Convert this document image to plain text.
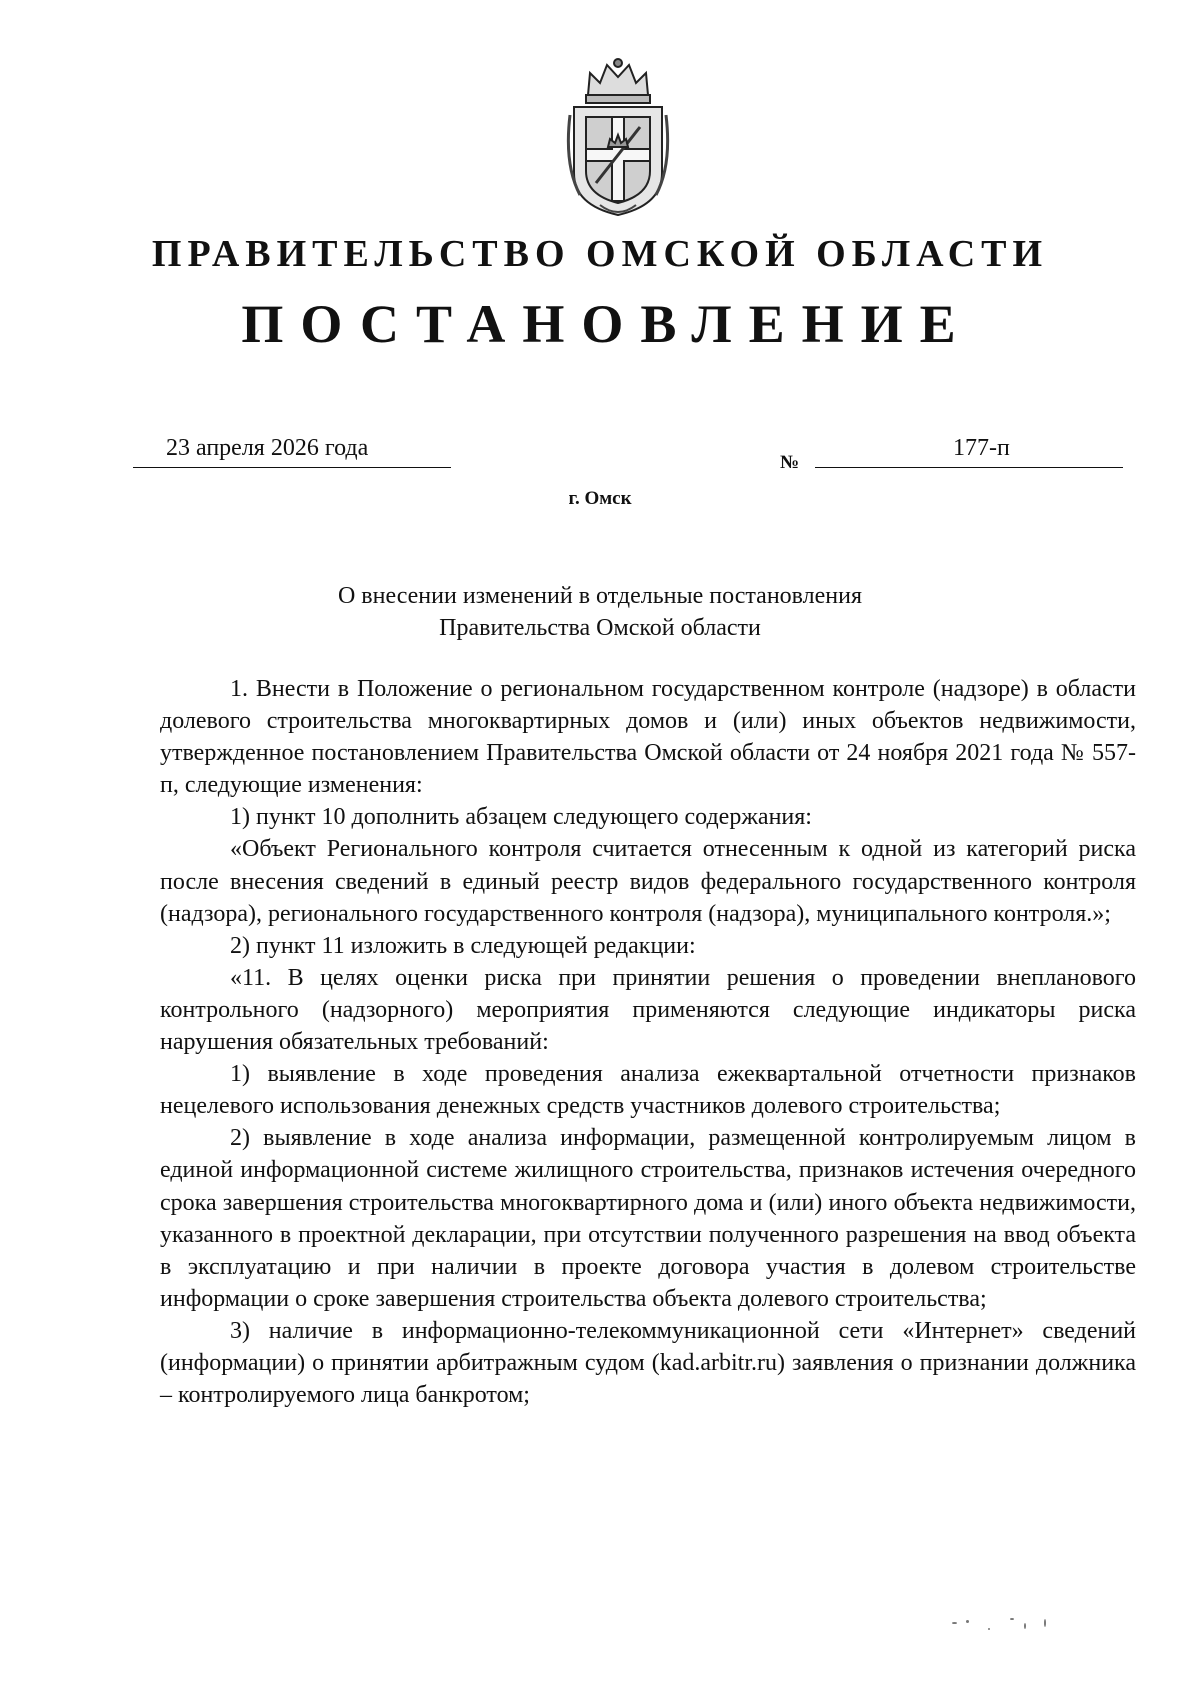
ПРАВИТЕЛЬСТВО ОМСКОЙ ОБЛАСТИ
ПОСТАНОВЛЕНИЕ
23 апреля 2026 года
№
177-п
г. Омск
О внесении изменений в отдельные постановления
Правительства Омской области

1. Внести в Положение о региональном государственном контроле (надзоре) в области долевого строительства многоквартирных домов и (или) иных объектов недвижимости, утвержденное постановлением Правительства Омской области от 24 ноября 2021 года № 557-п, следующие изменения:

1) пункт 10 дополнить абзацем следующего содержания:

«Объект Регионального контроля считается отнесенным к одной из категорий риска после внесения сведений в единый реестр видов федерального государственного контроля (надзора), регионального государственного контроля (надзора), муниципального контроля.»;

2) пункт 11 изложить в следующей редакции:

«11. В целях оценки риска при принятии решения о проведении внепланового контрольного (надзорного) мероприятия применяются следующие индикаторы риска нарушения обязательных требований:

1) выявление в ходе проведения анализа ежеквартальной отчетности признаков нецелевого использования денежных средств участников долевого строительства;

2) выявление в ходе анализа информации, размещенной контролируемым лицом в единой информационной системе жилищного строительства, признаков истечения очередного срока завершения строительства многоквартирного дома и (или) иного объекта недвижимости, указанного в проектной декларации, при отсутствии полученного разрешения на ввод объекта в эксплуатацию и при наличии в проекте договора участия в долевом строительстве информации о сроке завершения строительства объекта долевого строительства;

3) наличие в информационно-телекоммуникационной сети «Интернет» сведений (информации) о принятии арбитражным судом (kad.arbitr.ru) заявления о признании должника – контролируемого лица банкротом;
